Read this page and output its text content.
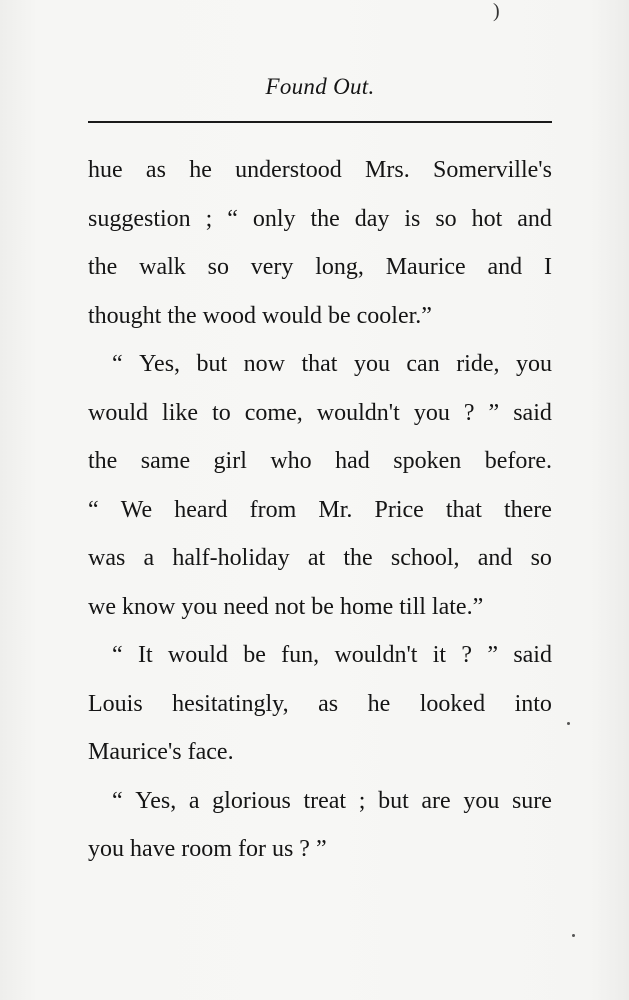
)
Found Out.
hue as he understood Mrs. Somerville's
suggestion ; “ only the day is so hot and
the walk so very long, Maurice and I
thought the wood would be cooler.”
“ Yes, but now that you can ride, you
would like to come, wouldn't you ? ” said
the same girl who had spoken before.
“ We heard from Mr. Price that there
was a half-holiday at the school, and so
we know you need not be home till late.”
“ It would be fun, wouldn't it ? ” said
Louis hesitatingly, as he looked into
Maurice's face.
“ Yes, a glorious treat ; but are you sure
you have room for us ? ”
